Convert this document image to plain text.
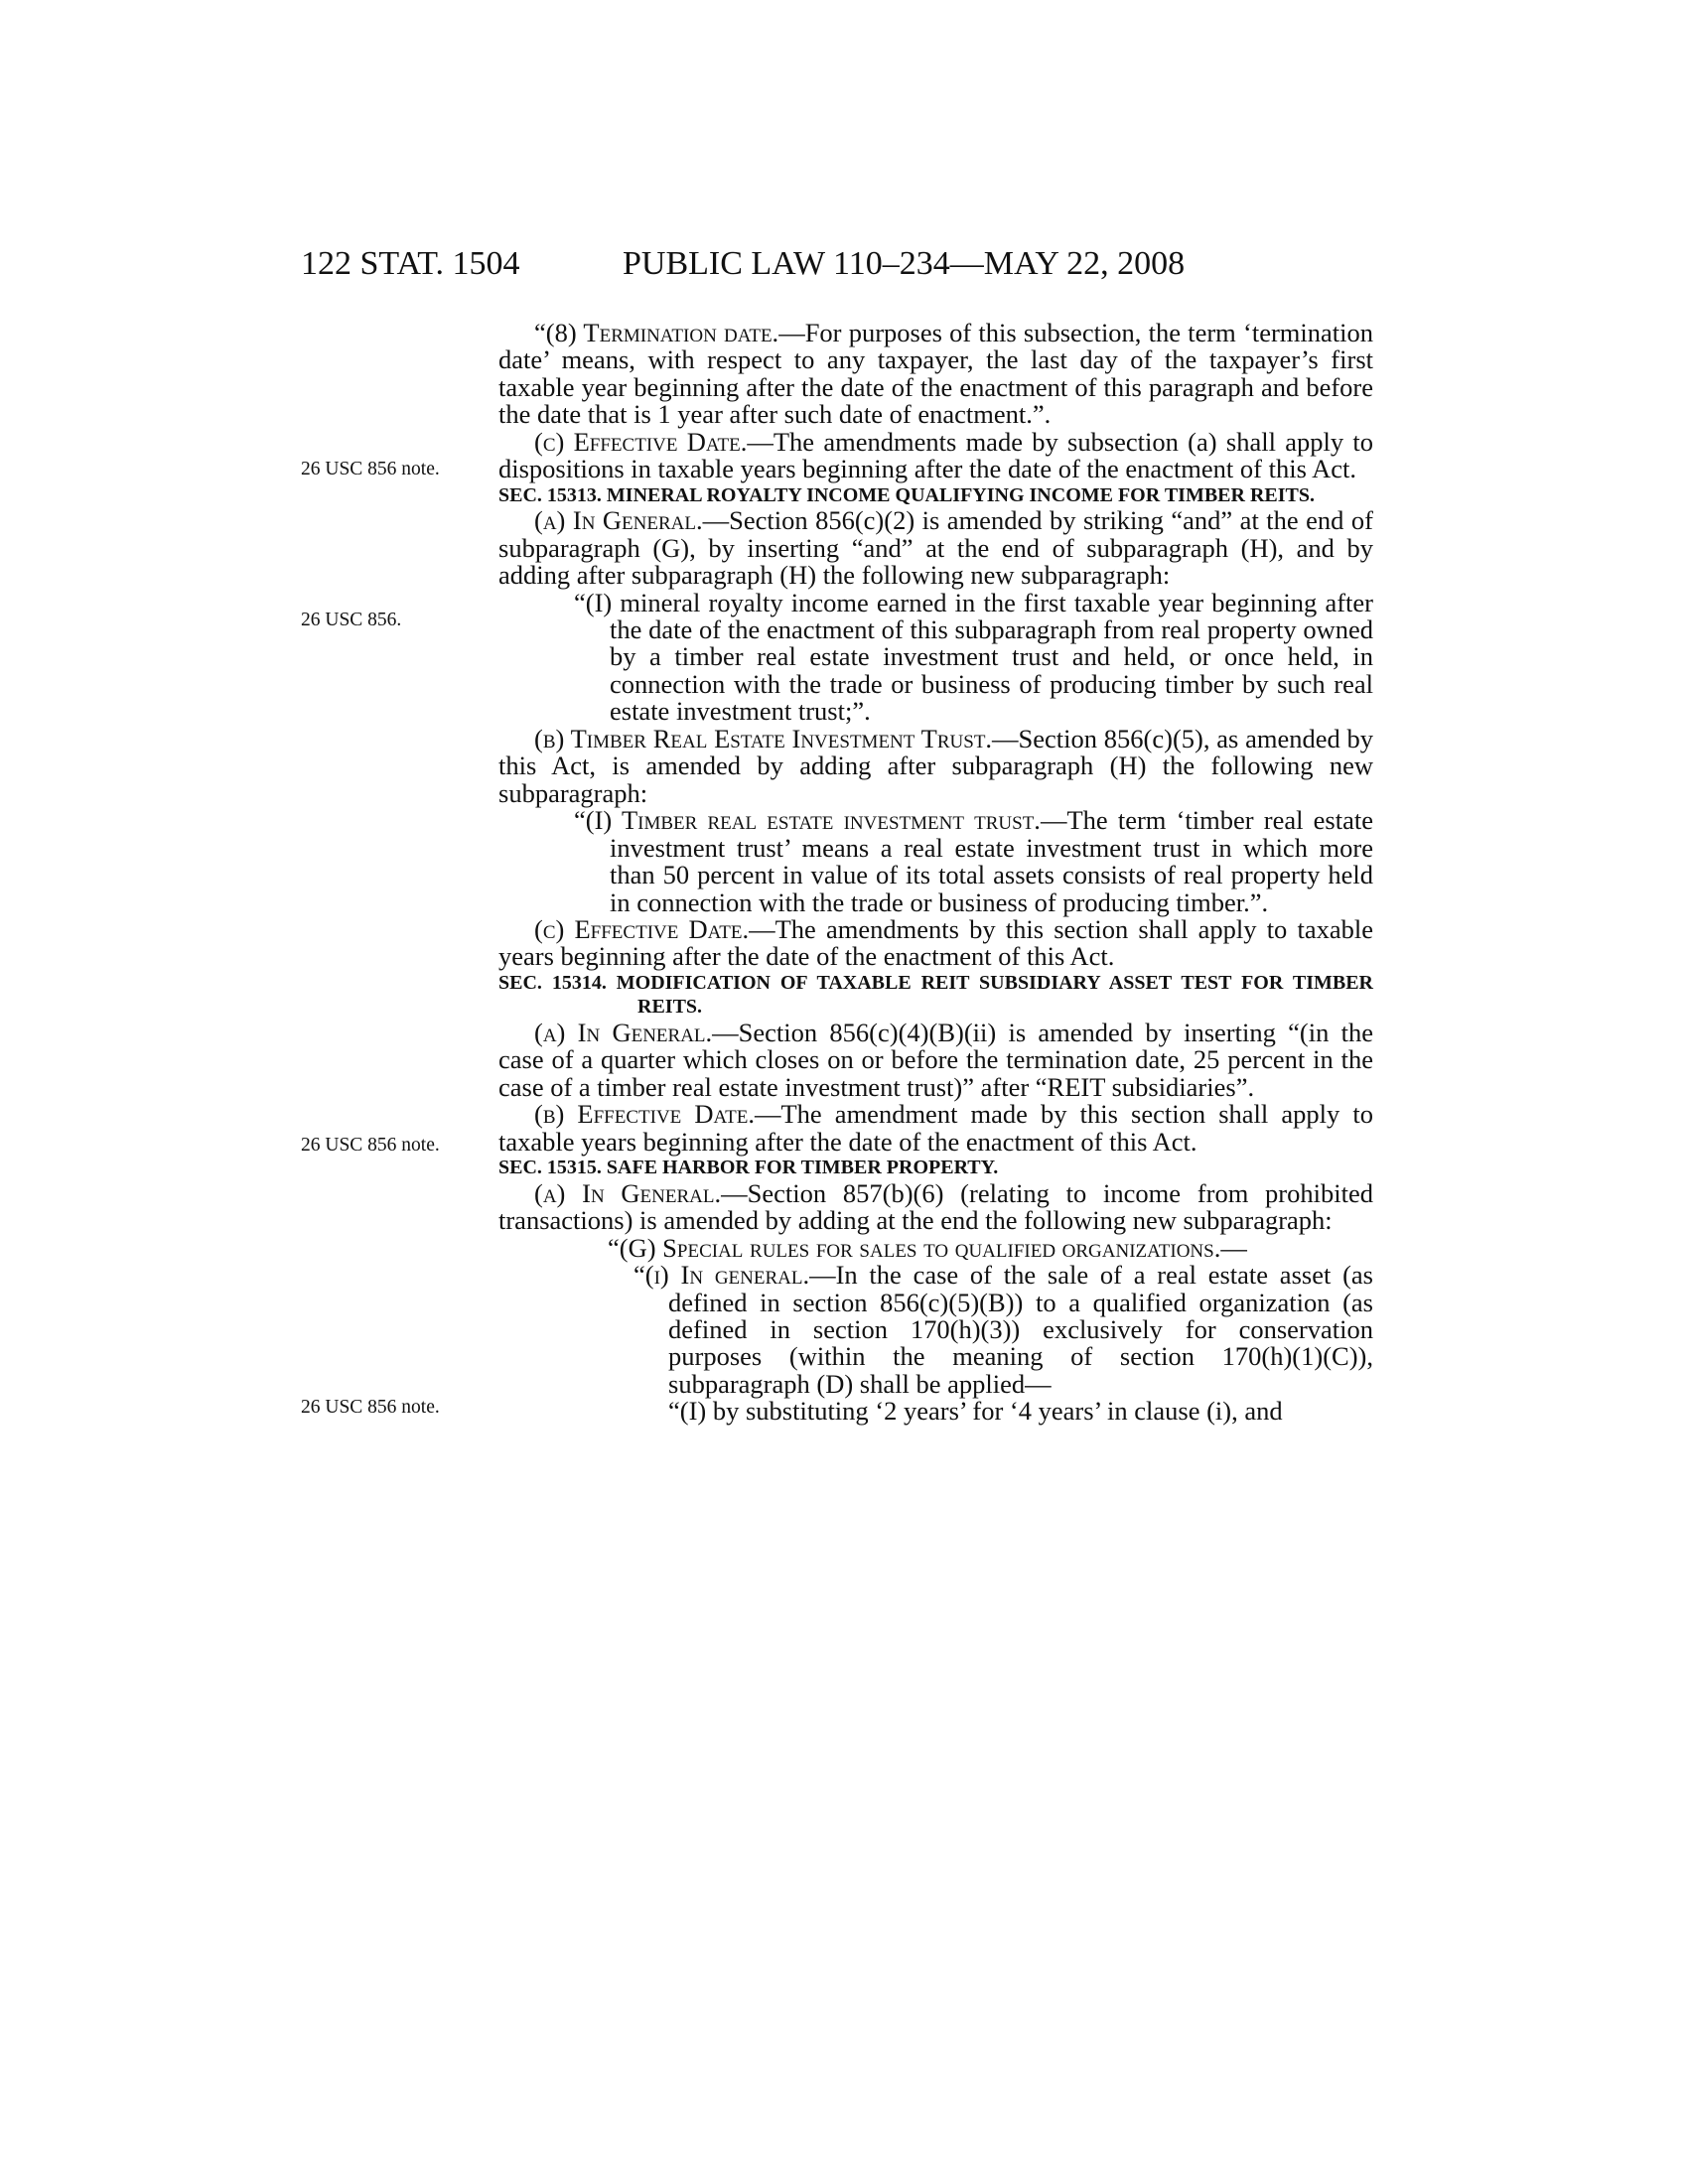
122 STAT. 1504	PUBLIC LAW 110–234—MAY 22, 2008
26 USC 856 note.
26 USC 856.
26 USC 856 note.
26 USC 856 note.

“(8) Termination date.—For purposes of this subsection, the term ‘termination date’ means, with respect to any taxpayer, the last day of the taxpayer’s first taxable year beginning after the date of the enactment of this paragraph and before the date that is 1 year after such date of enactment.”.

(c) Effective Date.—The amendments made by subsection (a) shall apply to dispositions in taxable years beginning after the date of the enactment of this Act.

SEC. 15313. MINERAL ROYALTY INCOME QUALIFYING INCOME FOR TIMBER REITS.

(a) In General.—Section 856(c)(2) is amended by striking “and” at the end of subparagraph (G), by inserting “and” at the end of subparagraph (H), and by adding after subparagraph (H) the following new subparagraph:

“(I) mineral royalty income earned in the first taxable year beginning after the date of the enactment of this subparagraph from real property owned by a timber real estate investment trust and held, or once held, in connection with the trade or business of producing timber by such real estate investment trust;”.

(b) Timber Real Estate Investment Trust.—Section 856(c)(5), as amended by this Act, is amended by adding after subparagraph (H) the following new subparagraph:

“(I) Timber real estate investment trust.—The term ‘timber real estate investment trust’ means a real estate investment trust in which more than 50 percent in value of its total assets consists of real property held in connection with the trade or business of producing timber.”.

(c) Effective Date.—The amendments by this section shall apply to taxable years beginning after the date of the enactment of this Act.

SEC. 15314. MODIFICATION OF TAXABLE REIT SUBSIDIARY ASSET TEST FOR TIMBER REITS.

(a) In General.—Section 856(c)(4)(B)(ii) is amended by inserting “(in the case of a quarter which closes on or before the termination date, 25 percent in the case of a timber real estate investment trust)” after “REIT subsidiaries”.

(b) Effective Date.—The amendment made by this section shall apply to taxable years beginning after the date of the enactment of this Act.

SEC. 15315. SAFE HARBOR FOR TIMBER PROPERTY.

(a) In General.—Section 857(b)(6) (relating to income from prohibited transactions) is amended by adding at the end the following new subparagraph:

“(G) Special rules for sales to qualified organizations.—

“(i) In general.—In the case of the sale of a real estate asset (as defined in section 856(c)(5)(B)) to a qualified organization (as defined in section 170(h)(3)) exclusively for conservation purposes (within the meaning of section 170(h)(1)(C)), subparagraph (D) shall be applied—

“(I) by substituting ‘2 years’ for ‘4 years’ in clause (i), and
